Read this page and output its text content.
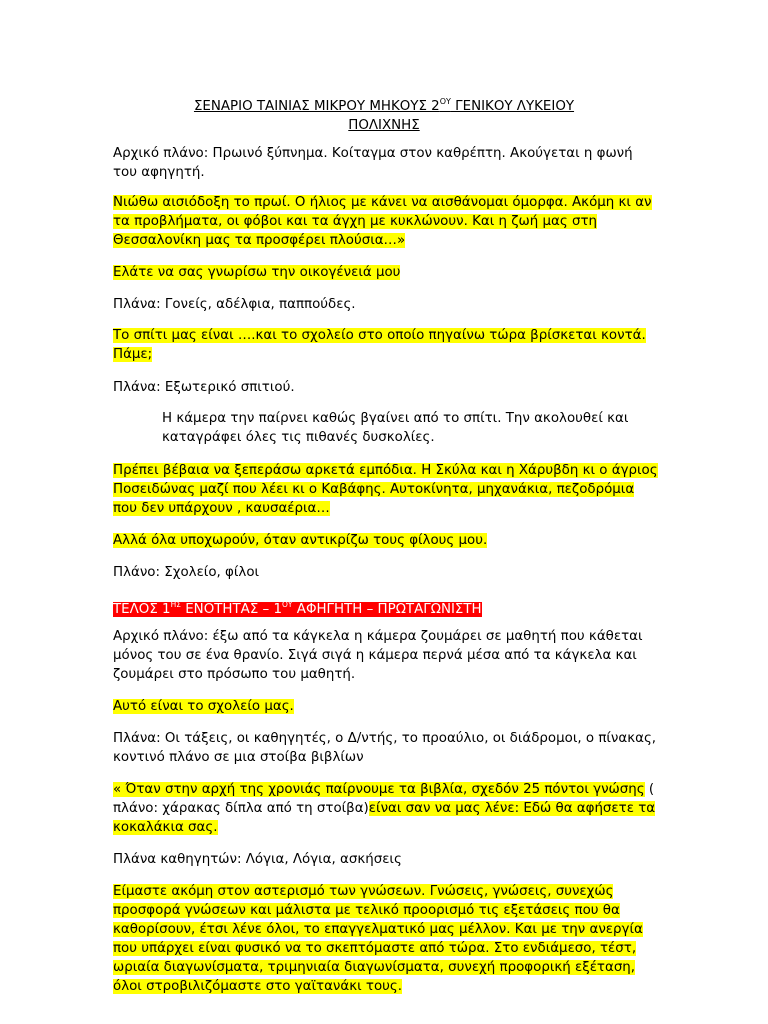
ΣΕΝΑΡΙΟ ΤΑΙΝΙΑΣ ΜΙΚΡΟΥ ΜΗΚΟΥΣ $2^{O\Upsilon}$ ΓΕΝΙΚΟΥ ΛΥΚΕΙΟΥ
ΠΟΛΙΧΝΗΣ

Αρχικό πλάνο: Πρωινό ξύπνημα. Κοίταγμα στον καθρέπτη. Ακούγεται η φωνή του αφηγητή.

Νιώθω αισιόδοξη το πρωί. Ο ήλιος με κάνει να αισθάνομαι όμορφα. Ακόμη κι αν τα προβλήματα, οι φόβοι και τα άγχη με κυκλώνουν. Και η ζωή μας στη Θεσσαλονίκη μας τα προσφέρει πλούσια…»

Ελάτε να σας γνωρίσω την οικογένειά μου

Πλάνα: Γονείς, αδέλφια, παππούδες.

Το σπίτι μας είναι ….και το σχολείο στο οποίο πηγαίνω τώρα βρίσκεται κοντά. Πάμε;

Πλάνα: Εξωτερικό σπιτιού.

Η κάμερα την παίρνει καθώς βγαίνει από το σπίτι. Την ακολουθεί και καταγράφει όλες τις πιθανές δυσκολίες.

Πρέπει βέβαια να ξεπεράσω αρκετά εμπόδια. Η Σκύλα και η Χάρυβδη κι ο άγριος Ποσειδώνας μαζί που λέει κι ο Καβάφης. Αυτοκίνητα, μηχανάκια, πεζοδρόμια που δεν υπάρχουν , καυσαέρια…

Αλλά όλα υποχωρούν, όταν αντικρίζω τους φίλους μου.

Πλάνο: Σχολείο, φίλοι

ΤΕΛΟΣ $1^{H\Sigma}$ ΕΝΟΤΗΤΑΣ – $1^{O\Upsilon}$ ΑΦΗΓΗΤΗ – ΠΡΩΤΑΓΩΝΙΣΤΗ

Αρχικό πλάνο: έξω από τα κάγκελα η κάμερα ζουμάρει σε μαθητή που κάθεται μόνος του σε ένα θρανίο. Σιγά σιγά η κάμερα περνά μέσα από τα κάγκελα και ζουμάρει στο πρόσωπο του μαθητή.

Αυτό είναι το σχολείο μας.

Πλάνα: Οι τάξεις, οι καθηγητές, ο Δ/ντής, το προαύλιο, οι διάδρομοι, ο πίνακας, κοντινό πλάνο σε μια στοίβα βιβλίων

« Όταν στην αρχή της χρονιάς παίρνουμε τα βιβλία, σχεδόν 25 πόντοι γνώσης ( πλάνο: χάρακας δίπλα από τη στοίβα)είναι σαν να μας λένε: Εδώ θα αφήσετε τα κοκαλάκια σας.

Πλάνα καθηγητών: Λόγια, Λόγια, ασκήσεις

Είμαστε ακόμη στον αστερισμό των γνώσεων. Γνώσεις, γνώσεις, συνεχώς προσφορά γνώσεων και μάλιστα με τελικό προορισμό τις εξετάσεις που θα καθορίσουν, έτσι λένε όλοι, το επαγγελματικό μας μέλλον. Και με την ανεργία που υπάρχει είναι φυσικό να το σκεπτόμαστε από τώρα. Στο ενδιάμεσο, τέστ, ωριαία διαγωνίσματα, τριμηνιαία διαγωνίσματα, συνεχή προφορική εξέταση, όλοι στροβιλιζόμαστε στο γαϊτανάκι τους.
